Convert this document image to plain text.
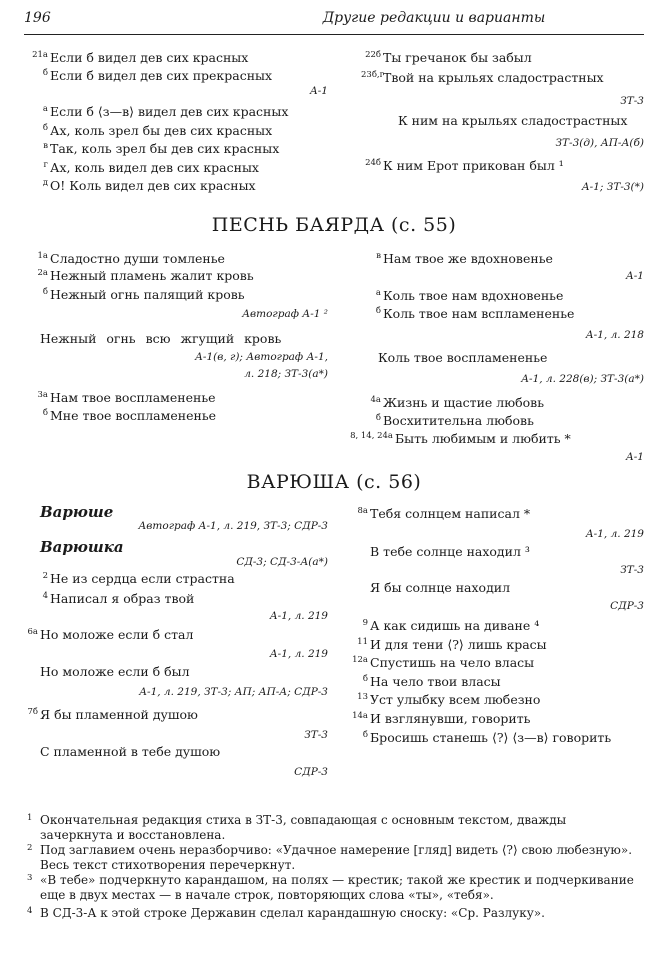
196	Другие редакции и варианты
21а Если б видел дев сих красных
б Если б видел дев сих прекрасных
А-1
а Если б ⟨з—в⟩ видел дев сих красных
б Ах, коль зрел бы дев сих красных
в Так, коль зрел бы дев сих красных
г Ах, коль видел дев сих красных
д О! Коль видел дев сих красных
22б Ты гречанок бы забыл
23б,г
Твой на крыльях сладострастных
ЗТ-3
К ним на крыльях сладострастных
ЗТ-3(д), АП-А(б)
24б К ним Ерот прикован был ¹
А-1; ЗТ-3(*)
ПЕСНЬ БАЯРДА (с. 55)
1а Сладостно души томленье
2а Нежный пламень жалит кровь
б Нежный огнь палящий кровь
Автограф А-1 ²
Нежный огнь всю жгущий кровь
А-1(в, г); Автограф А-1,
л. 218; ЗТ-3(а*)
3а Нам твое воспламененье
б Мне твое воспламененье
в Нам твое же вдохновенье
А-1
а Коль твое нам вдохновенье
б Коль твое нам вспламененье
А-1, л. 218
Коль твое воспламененье
А-1, л. 228(в); ЗТ-3(а*)
4а Жизнь и щастие любовь
б Восхитительна любовь
8, 14, 24а Быть любимым и любить *
А-1
ВАРЮША (с. 56)
Варюше
Автограф А-1, л. 219, ЗТ-3; СДР-3
Варюшка
СД-3; СД-3-А(а*)
2 Не из сердца если страстна
4 Написал я образ твой
А-1, л. 219
6а Но моложе если б стал
А-1, л. 219
Но моложе если б был
А-1, л. 219, ЗТ-3; АП; АП-А; СДР-3
7б Я бы пламенной душою
ЗТ-3
С пламенной в тебе душою
СДР-3
8а Тебя солнцем написал *
А-1, л. 219
В тебе солнце находил ³
ЗТ-3
Я бы солнце находил
СДР-3
9 А как сидишь на диване ⁴
11 И для тени ⟨?⟩ лишь красы
12а Спустишь на чело власы
б На чело твои власы
13 Уст улыбку всем любезно
14а И взглянувши, говорить
б Бросишь станешь ⟨?⟩ ⟨з—в⟩ говорить
1 Окончательная редакция стиха в ЗТ-3, совпадающая с основным текстом, дважды зачеркнута и восстановлена.
2 Под заглавием очень неразборчиво: «Удачное намерение [гляд] видеть ⟨?⟩ свою любезную». Весь текст стихотворения перечеркнут.
3 «В тебе» подчеркнуто карандашом, на полях — крестик; такой же крестик и подчеркивание еще в двух местах — в начале строк, повторяющих слова «ты», «тебя».
4 В СД-3-А к этой строке Державин сделал карандашную сноску: «Ср. Разлуку».
